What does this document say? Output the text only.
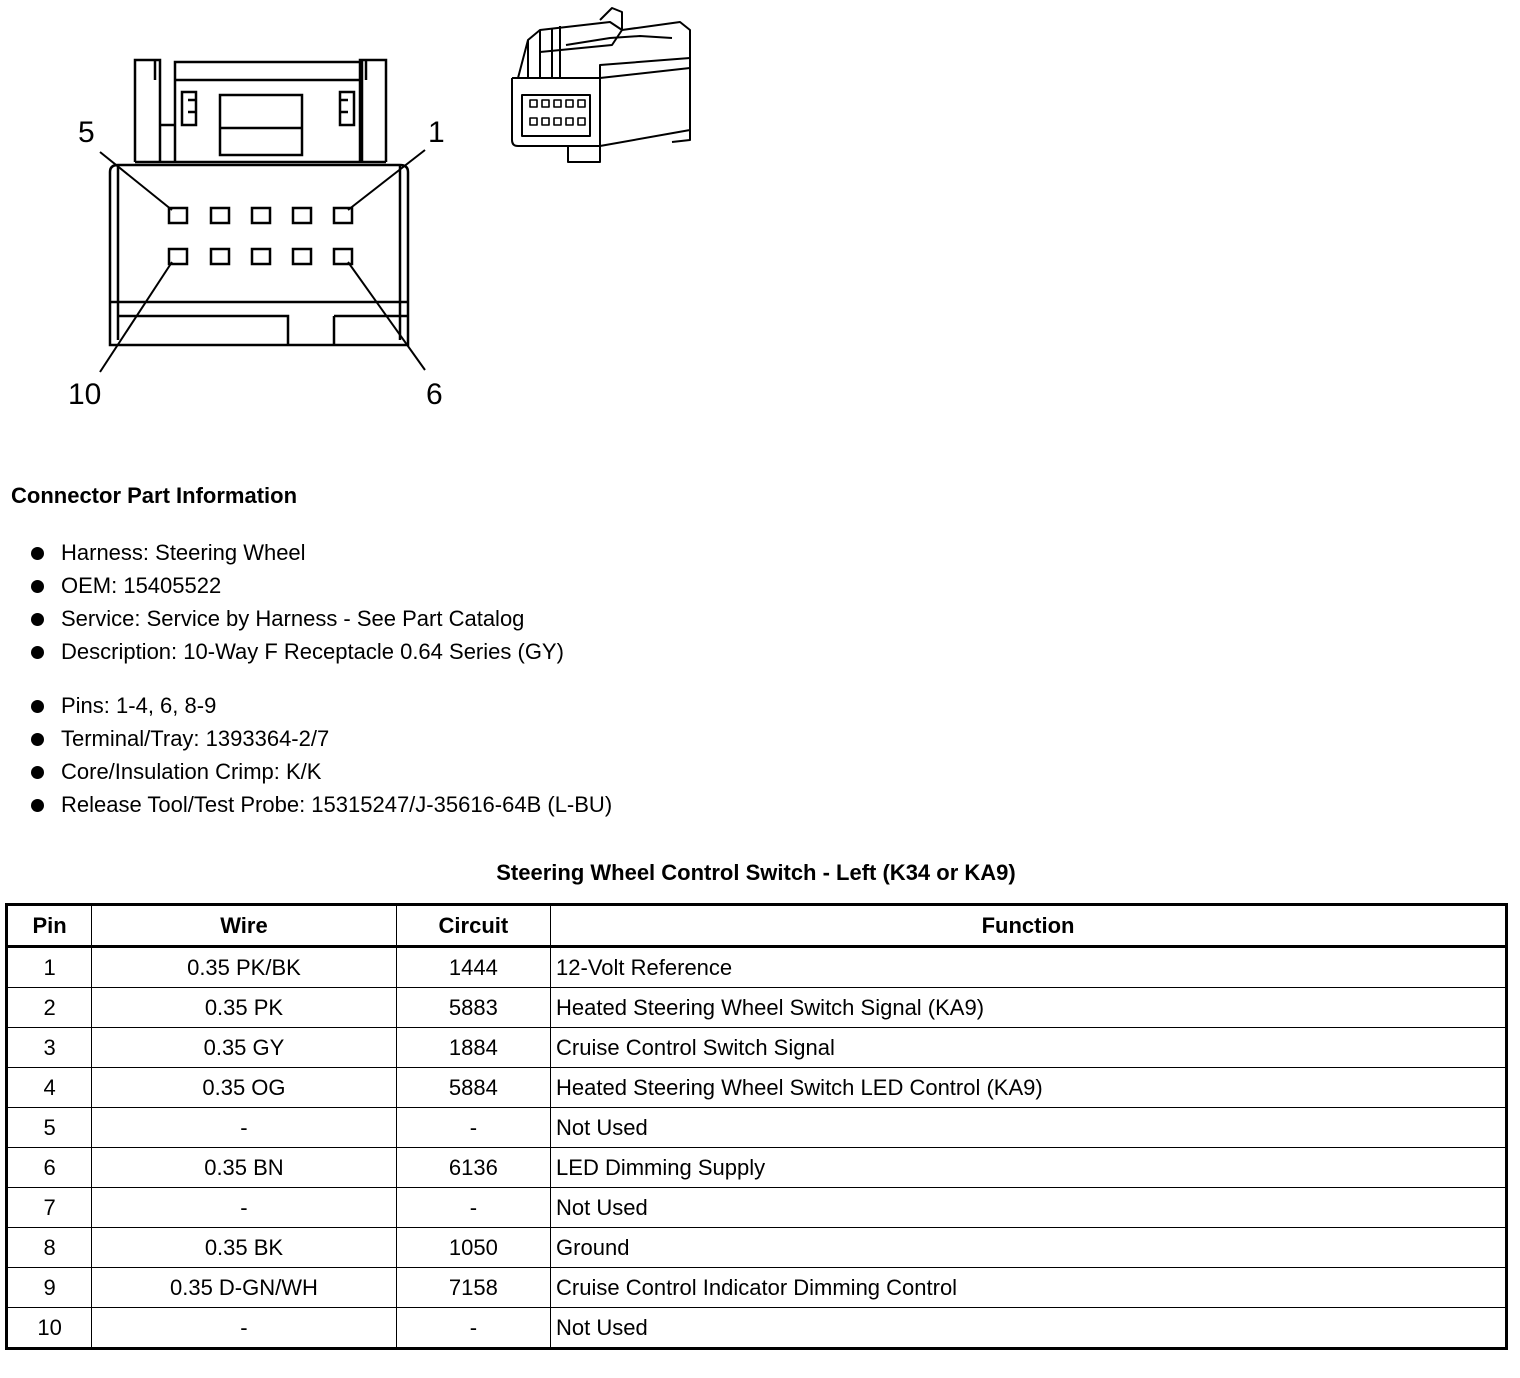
5	1
10	6
Connector Part Information
Harness: Steering Wheel
OEM: 15405522
Service: Service by Harness - See Part Catalog
Description: 10-Way F Receptacle 0.64 Series (GY)
Pins: 1-4, 6, 8-9
Terminal/Tray: 1393364-2/7
Core/Insulation Crimp: K/K
Release Tool/Test Probe: 15315247/J-35616-64B (L-BU)
Steering Wheel Control Switch - Left (K34 or KA9)
Pin	Wire	Circuit	Function
1	0.35 PK/BK	1444	12-Volt Reference
2	0.35 PK	5883	Heated Steering Wheel Switch Signal (KA9)
3	0.35 GY	1884	Cruise Control Switch Signal
4	0.35 OG	5884	Heated Steering Wheel Switch LED Control (KA9)
5	-	-	Not Used
6	0.35 BN	6136	LED Dimming Supply
7	-	-	Not Used
8	0.35 BK	1050	Ground
9	0.35 D-GN/WH	7158	Cruise Control Indicator Dimming Control
10	-	-	Not Used
